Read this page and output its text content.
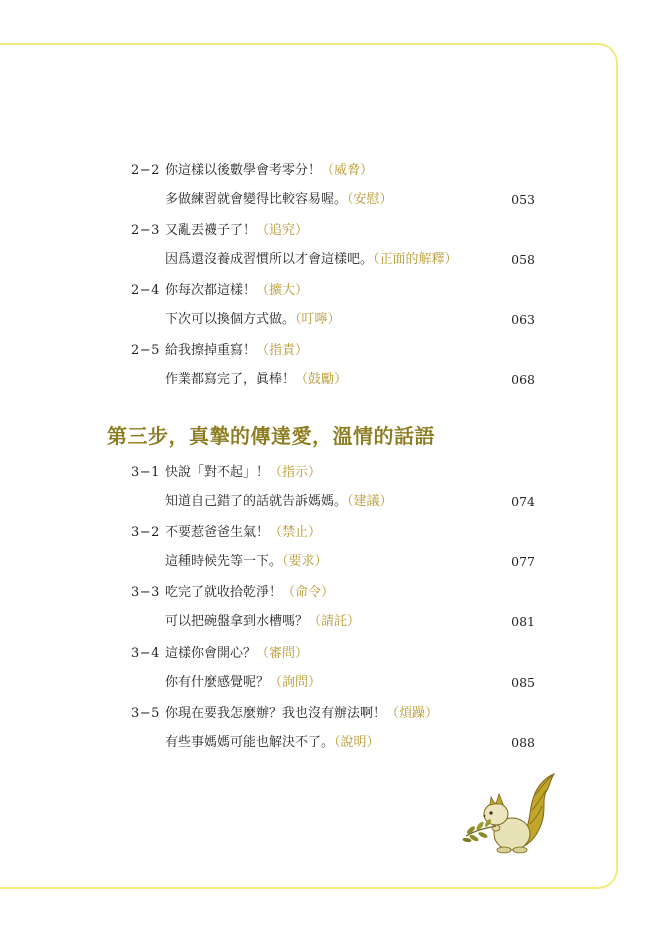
2−2 你這樣以後數學會考零分！（威脅）
多做練習就會變得比較容易喔。（安慰）	053
2−3 又亂丟襪子了！（追究）
因爲還沒養成習慣所以才會這樣吧。（正面的解釋）	058
2−4 你每次都這樣！（擴大）
下次可以換個方式做。（叮嚀）	063
2−5 給我擦掉重寫！（指責）
作業都寫完了，眞棒！（鼓勵）	068
第三步，真摯的傳達愛，溫情的話語
3−1 快說「對不起」！（指示）
知道自己錯了的話就告訴媽媽。（建議）	074
3−2 不要惹爸爸生氣！（禁止）
這種時候先等一下。（要求）	077
3−3 吃完了就收拾乾淨！（命令）
可以把碗盤拿到水槽嗎？（請託）	081
3−4 這樣你會開心？（審問）
你有什麼感覺呢？（詢問）	085
3−5 你現在要我怎麼辦？我也沒有辦法啊！（煩躁）
有些事媽媽可能也解決不了。（說明）	088
